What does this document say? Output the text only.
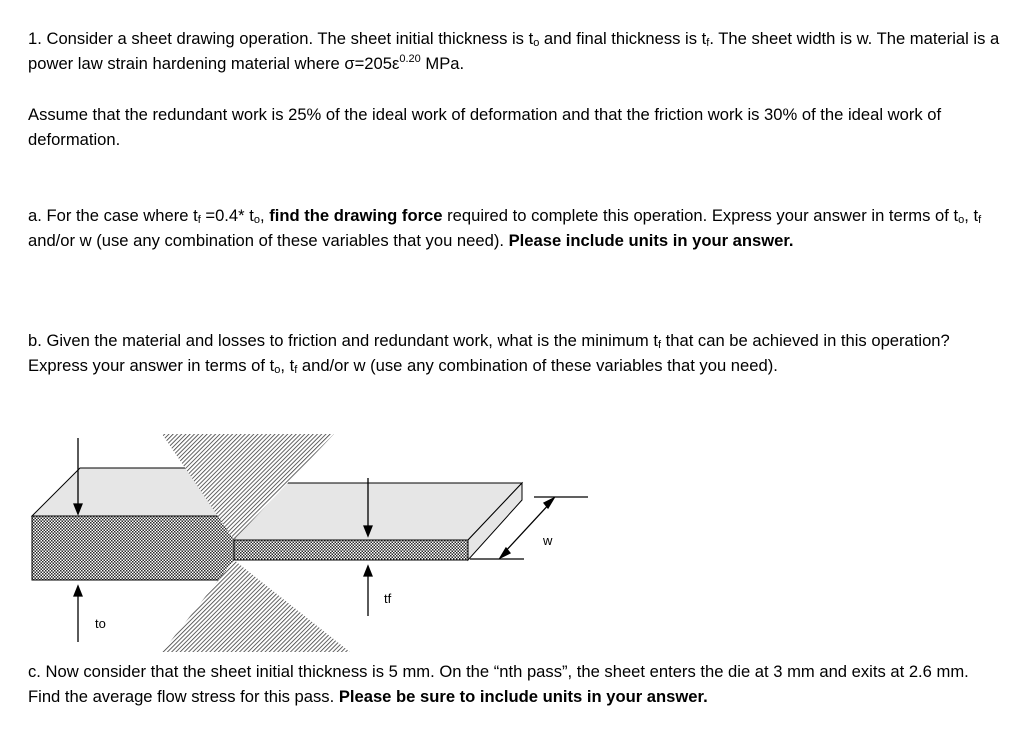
1. Consider a sheet drawing operation. The sheet initial thickness is $t_o$ and final thickness is $t_f$. The sheet width is w. The material is a power law strain hardening material where $\sigma=205\varepsilon^{0.20}$ MPa.
Assume that the redundant work is 25% of the ideal work of deformation and that the friction work is 30% of the ideal work of deformation.
a. For the case where $t_f =0.4*$ $t_o$, find the drawing force required to complete this operation. Express your answer in terms of $t_o$, $t_f$ and/or w (use any combination of these variables that you need). Please include units in your answer.
b. Given the material and losses to friction and redundant work, what is the minimum $t_f$ that can be achieved in this operation? Express your answer in terms of $t_o$, $t_f$ and/or w (use any combination of these variables that you need).
w
tf
to
c. Now consider that the sheet initial thickness is 5 mm. On the “nth pass”, the sheet enters the die at 3 mm and exits at 2.6 mm. Find the average flow stress for this pass. Please be sure to include units in your answer.
